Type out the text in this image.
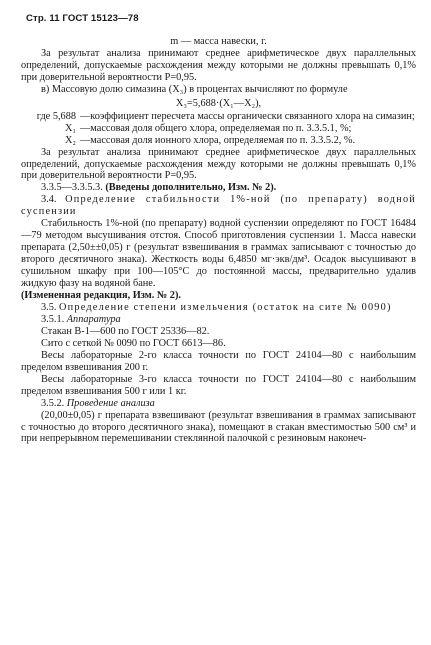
Стр. 11 ГОСТ 15123—78

m — масса навески, г.

За результат анализа принимают среднее арифметическое двух параллельных определений, допускаемые расхождения между которыми не должны превышать 0,1% при доверительной вероятности P=0,95.

в) Массовую долю симазина (X₃) в процентах вычисляют по формуле

X₃=5,688·(X₁—X₂),

где 5,688	—	коэффициент пересчета массы органически связанного хлора на симазин;
X₁	—	массовая доля общего хлора, определяемая по п. 3.3.5.1, %;
X₂	—	массовая доля ионного хлора, определяемая по п. 3.3.5.2, %.

За результат анализа принимают среднее арифметическое двух параллельных определений, допускаемые расхождения между которыми не должны превышать 0,1% при доверительной вероятности P=0,95.

3.3.5—3.3.5.3. (Введены дополнительно, Изм. № 2).

3.4. Определение стабильности 1%-ной (по препарату) водной суспензии

Стабильность 1%-ной (по препарату) водной суспензии определяют по ГОСТ 16484—79 методом высушивания отстоя. Способ приготовления суспензии 1. Масса навески препарата (2,50±±0,05) г (результат взвешивания в граммах записывают с точностью до второго десятичного знака). Жесткость воды 6,4850 мг·экв/дм³. Осадок высушивают в сушильном шкафу при 100—105°С до постоянной массы, предварительно удалив жидкую фазу на водяной бане.

(Измененная редакция, Изм. № 2).

3.5. Определение степени измельчения (остаток на сите № 0090)

3.5.1. Аппаратура

Стакан В-1—600 по ГОСТ 25336—82.

Сито с сеткой № 0090 по ГОСТ 6613—86.

Весы лабораторные 2-го класса точности по ГОСТ 24104—80 с наибольшим пределом взвешивания 200 г.

Весы лабораторные 3-го класса точности по ГОСТ 24104—80 с наибольшим пределом взвешивания 500 г или 1 кг.

3.5.2. Проведение анализа

(20,00±0,05) г препарата взвешивают (результат взвешивания в граммах записывают с точностью до второго десятичного знака), помещают в стакан вместимостью 500 см³ и при непрерывном перемешивании стеклянной палочкой с резиновым наконеч-
